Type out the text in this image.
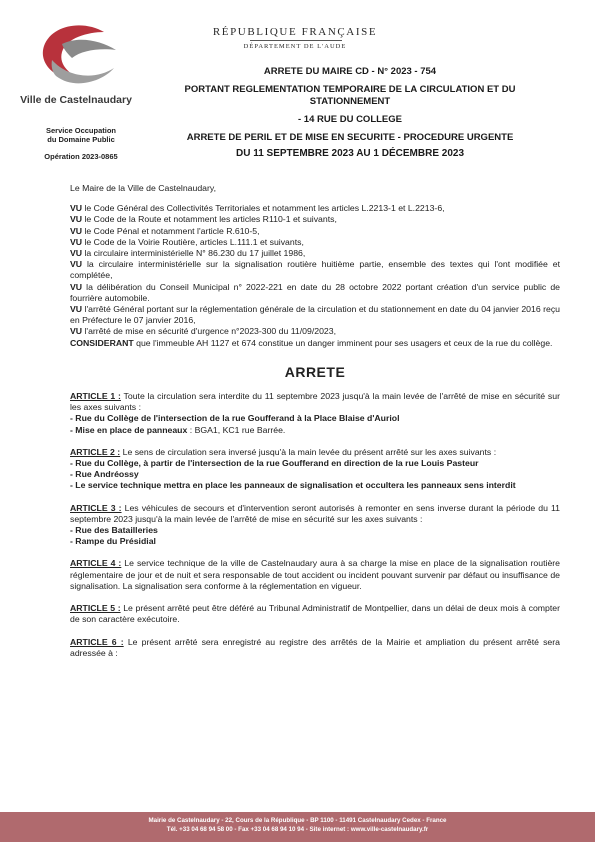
Ville de Castelnaudary
RÉPUBLIQUE FRANÇAISE
DÉPARTEMENT DE L'AUDE
Service Occupation
du Domaine Public
Opération 2023-0865
ARRETE DU MAIRE CD - N° 2023 - 754
PORTANT REGLEMENTATION TEMPORAIRE DE LA CIRCULATION ET DU
STATIONNEMENT
- 14 RUE DU COLLEGE
ARRETE DE PERIL ET DE MISE EN SECURITE - PROCEDURE URGENTE
DU 11 SEPTEMBRE 2023 AU 1 DÉCEMBRE 2023

Le Maire de la Ville de Castelnaudary,

VU le Code Général des Collectivités Territoriales et notamment les articles L.2213-1 et L.2213-6,

VU le Code de la Route et notamment les articles R110-1 et suivants,

VU le Code Pénal et notamment l'article R.610-5,

VU le Code de la Voirie Routière, articles L.111.1 et suivants,

VU la circulaire interministérielle N° 86.230 du 17 juillet 1986,

VU la circulaire interministérielle sur la signalisation routière huitième partie, ensemble des textes qui l'ont modifiée et complétée,

VU la délibération du Conseil Municipal n° 2022-221 en date du 28 octobre 2022 portant création d'un service public de fourrière automobile.

VU l'arrêté Général portant sur la réglementation générale de la circulation et du stationnement en date du 04 janvier 2016 reçu en Préfecture le 07 janvier 2016,

VU l'arrêté de mise en sécurité d'urgence n°2023-300 du 11/09/2023,

CONSIDERANT que l'immeuble AH 1127 et 674 constitue un danger imminent pour ses usagers et ceux de la rue du collège.

ARRETE

ARTICLE 1 : Toute la circulation sera interdite du 11 septembre 2023 jusqu'à la main levée de l'arrêté de mise en sécurité sur les axes suivants :

- Rue du Collège de l'intersection de la rue Goufferand à la Place Blaise d'Auriol

- Mise en place de panneaux : BGA1, KC1 rue Barrée.

ARTICLE 2 : Le sens de circulation sera inversé jusqu'à la main levée du présent arrêté sur les axes suivants :

- Rue du Collège, à partir de l'intersection de la rue Goufferand en direction de la rue Louis Pasteur

- Rue Andréossy

- Le service technique mettra en place les panneaux de signalisation et occultera les panneaux sens interdit

ARTICLE 3 : Les véhicules de secours et d'intervention seront autorisés à remonter en sens inverse durant la période du 11 septembre 2023 jusqu'à la main levée de l'arrêté de mise en sécurité sur les axes suivants :

- Rue des Batailleries

- Rampe du Présidial

ARTICLE 4 : Le service technique de la ville de Castelnaudary aura à sa charge la mise en place de la signalisation routière réglementaire de jour et de nuit et sera responsable de tout accident ou incident pouvant survenir par défaut ou insuffisance de signalisation. La signalisation sera conforme à la réglementation en vigueur.

ARTICLE 5 : Le présent arrêté peut être déféré au Tribunal Administratif de Montpellier, dans un délai de deux mois à compter de son caractère exécutoire.

ARTICLE 6 : Le présent arrêté sera enregistré au registre des arrêtés de la Mairie et ampliation du présent arrêté sera adressée à :

Mairie de Castelnaudary - 22, Cours de la République - BP 1100 - 11491 Castelnaudary Cedex - France
Tél. +33 04 68 94 58 00 - Fax +33 04 68 94 10 94 - Site internet : www.ville-castelnaudary.fr
